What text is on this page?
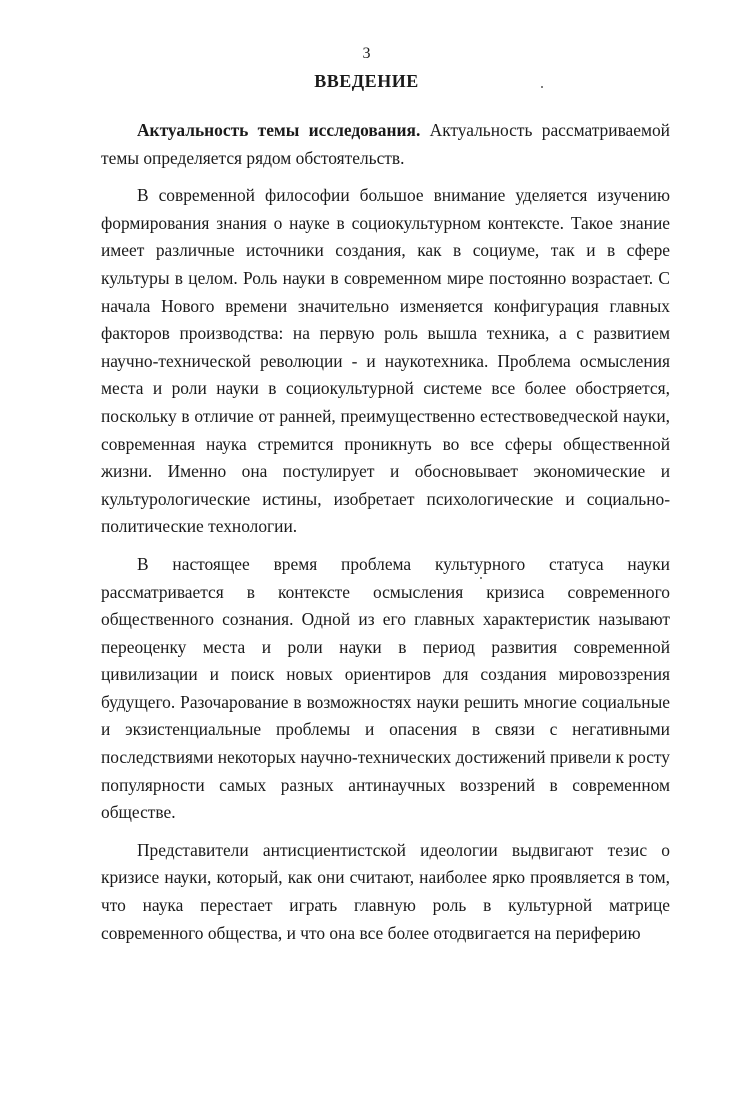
3
ВВЕДЕНИЕ

Актуальность темы исследования. Актуальность рассматриваемой темы определяется рядом обстоятельств.

В современной философии большое внимание уделяется изучению формирования знания о науке в социокультурном контексте. Такое знание имеет различные источники создания, как в социуме, так и в сфере культуры в целом. Роль науки в современном мире постоянно возрастает. С начала Нового времени значительно изменяется конфигурация главных факторов производства: на первую роль вышла техника, а с развитием научно-технической революции - и наукотехника. Проблема осмысления места и роли науки в социокультурной системе все более обостряется, поскольку в отличие от ранней, преимущественно естествоведческой науки, современная наука стремится проникнуть во все сферы общественной жизни. Именно она постулирует и обосновывает экономические и культурологические истины, изобретает психологические и социально-политические технологии.

В настоящее время проблема культурного статуса науки рассматривается в контексте осмысления кризиса современного общественного сознания. Одной из его главных характеристик называют переоценку места и роли науки в период развития современной цивилизации и поиск новых ориентиров для создания мировоззрения будущего. Разочарование в возможностях науки решить многие социальные и экзистенциальные проблемы и опасения в связи с негативными последствиями некоторых научно-технических достижений привели к росту популярности самых разных антинаучных воззрений в современном обществе.

Представители антисциентистской идеологии выдвигают тезис о кризисе науки, который, как они считают, наиболее ярко проявляется в том, что наука перестает играть главную роль в культурной матрице современного общества, и что она все более отодвигается на периферию
